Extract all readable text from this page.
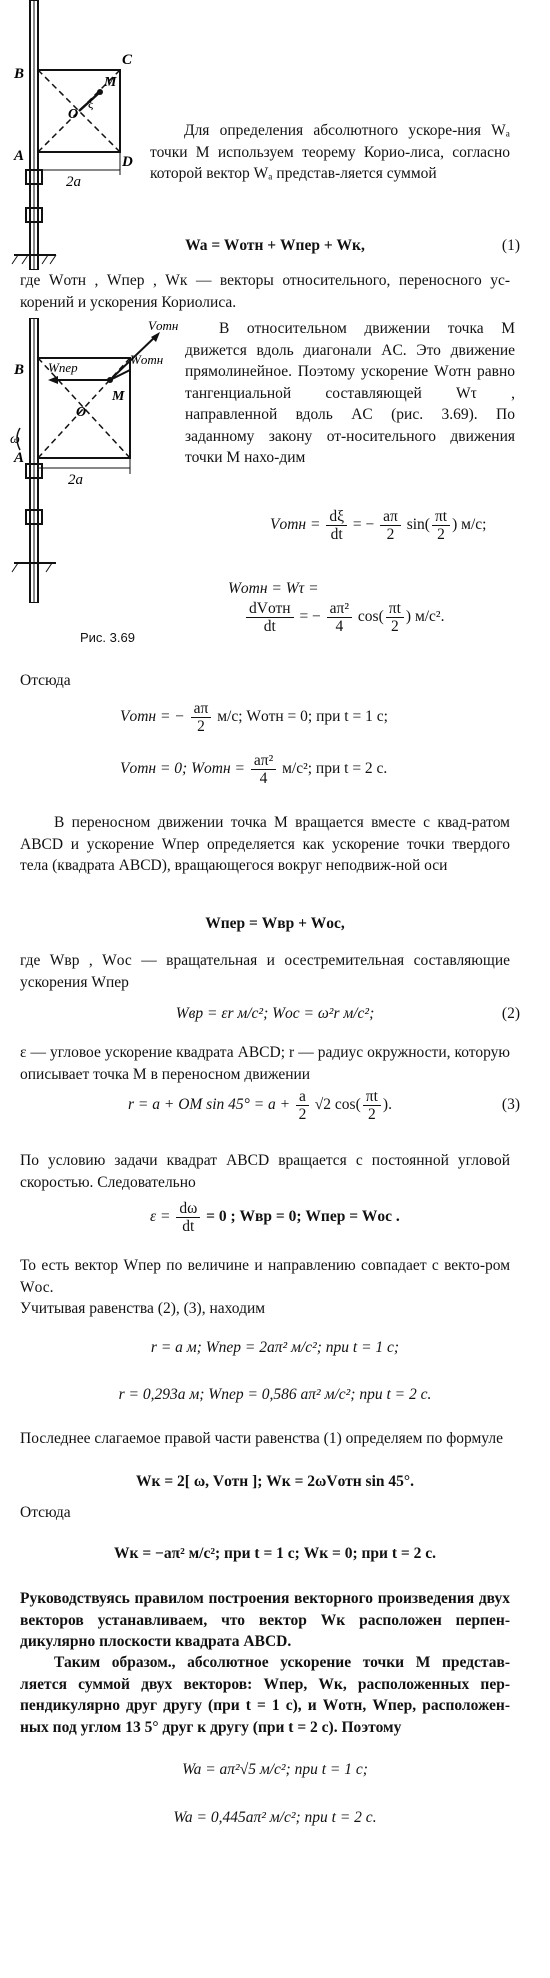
B
C
A	D
O
M
ξ
2a
Для определения абсолютного ускоре-ния Wₐ точки M используем теорему Корио-лиса, согласно которой вектор Wₐ представ-ляется суммой
Wa = Wотн + Wпер + Wк,	(1)
где Wотн , Wпер , Wк — векторы относительного, переносного ус-корений и ускорения Кориолиса.
B
A
O
M
ω
2a
Wпер
Wотн
Vотн
Рис. 3.69
В относительном движении точка M движется вдоль диагонали AC. Это движение прямолинейное. Поэтому ускорение Wотн равно тангенциальной составляющей Wτ , направленной вдоль AC (рис. 3.69). По заданному закону от-носительного движения точки M нахо-дим
Vотн = $\frac{d\xi}{dt}$ = − $\frac{a\pi}{2} \sin( \frac{\pi t}{2}$ ) м/с;
Wотн = Wτ =
$\frac{\text{dVотн}}{dt}$ = − $\frac{\text{aπ²}}{4} \cos( \frac{\pi t}{2}$ ) м/с².
Отсюда
Vотн = − $\frac{a\pi}{2} м/с$; Wотн = 0; при t = 1 с;
Vотн = 0; Wотн = $\frac{\text{aπ²}}{4} м/с^2$; при t = 2 с.
В переносном движении точка M вращается вместе с квад-ратом ABCD и ускорение Wпер определяется как ускорение точки твердого тела (квадрата ABCD), вращающегося вокруг неподвиж-ной оси
Wпер = Wвр + Wос,
где Wвр , Wос — вращательная и осестремительная составляющие ускорения Wпер
Wвр = εr м/с²; Wос = ω²r м/с²;	(2)
ε — угловое ускорение квадрата ABCD; r — радиус окружности, которую описывает точка M в переносном движении
r = a + OM $\sin 45^\circ = a + \frac{a}{2} √2$ $\cos( \frac{\pi t}{2}$ ).	(3)
По условию задачи квадрат ABCD вращается с постоянной угловой скоростью. Следовательно
$\varepsilon = \frac{d\omega}{dt} = 0$ ; Wвр = 0; Wпер = Wос .
То есть вектор Wпер по величине и направлению совпадает с векто-ром Wос.
Учитывая равенства (2), (3), находим
r = a м; Wпер = 2aπ² м/с²; при t = 1 с;
r = 0,293a м; Wпер = 0,586 aπ² м/с²; при t = 2 с.
Последнее слагаемое правой части равенства (1) определяем по формуле
Wк = 2[ ω, Vотн ]; Wк = 2ωVотн sin 45°.
Отсюда
Wк = −aπ² м/с²; при t = 1 с; Wк = 0; при t = 2 с.
Руководствуясь правилом построения векторного произведения двух векторов устанавливаем, что вектор Wк расположен перпен-дикулярно плоскости квадрата ABCD.
Таким образом., абсолютное ускорение точки M представ-ляется суммой двух векторов: Wпер, Wк, расположенных пер-пендикулярно друг другу (при t = 1 с), и Wотн, Wпер, расположен-ных под углом 13 5° друг к другу (при t = 2 с). Поэтому
Wa = aπ²√5 м/с²; при t = 1 с;
Wa = 0,445aπ² м/с²; при t = 2 с.
